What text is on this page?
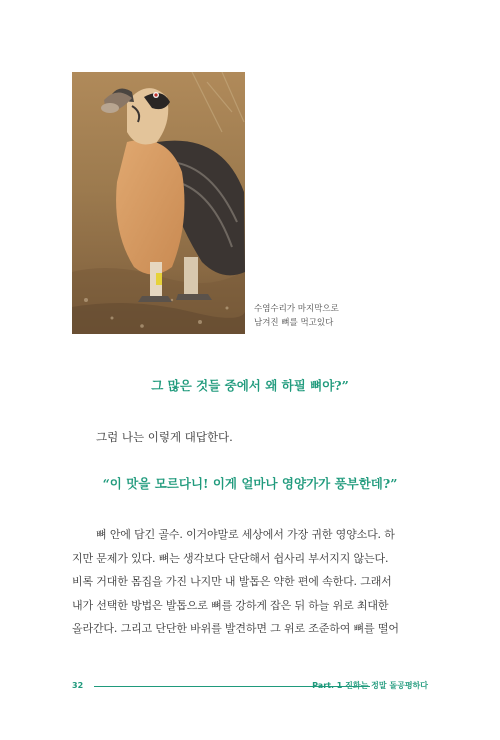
수염수리가 마지막으로
남겨진 뼈를 먹고있다
그 많은 것들 중에서 왜 하필 뼈야?”
그럼 나는 이렇게 대답한다.
“이 맛을 모르다니! 이게 얼마나 영양가가 풍부한데?”
뼈 안에 담긴 골수. 이거야말로 세상에서 가장 귀한 영양소다. 하
지만 문제가 있다. 뼈는 생각보다 단단해서 쉽사리 부서지지 않는다.
비록 거대한 몸집을 가진 나지만 내 발톱은 약한 편에 속한다. 그래서
내가 선택한 방법은 발톱으로 뼈를 강하게 잡은 뒤 하늘 위로 최대한
올라간다. 그리고 단단한 바위를 발견하면 그 위로 조준하여 뼈를 떨어
32	Part. 1 진화는 정말 돌공평하다
